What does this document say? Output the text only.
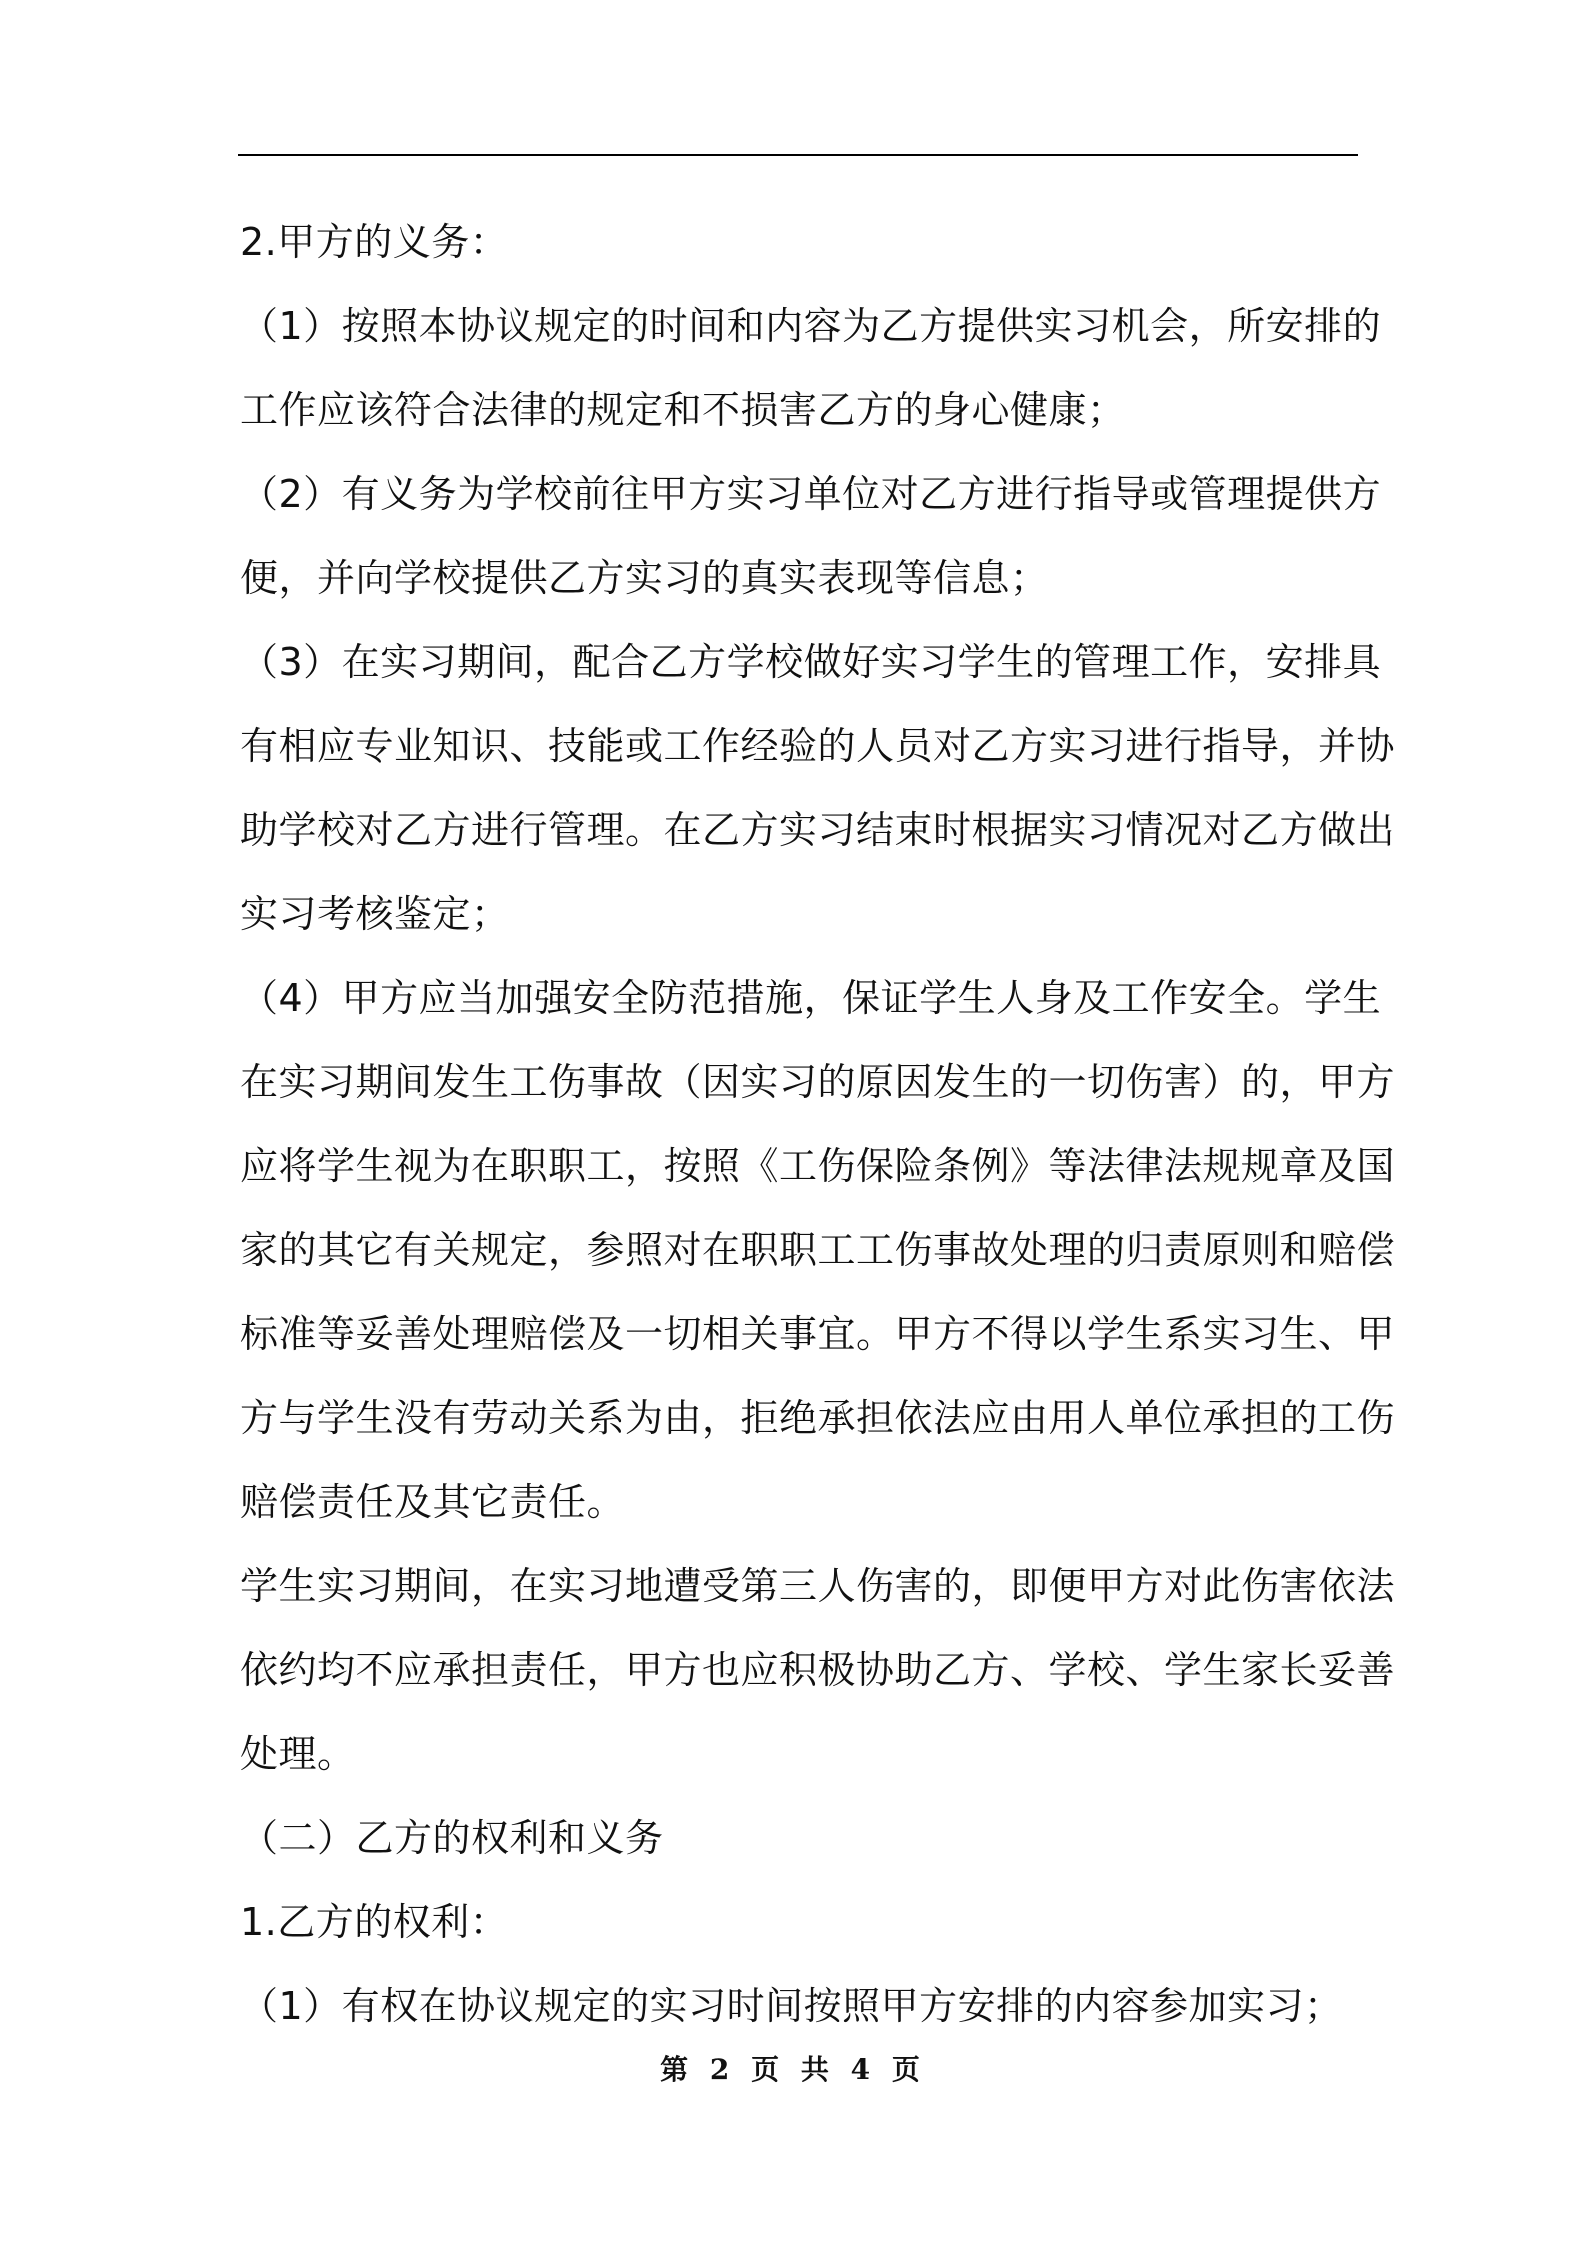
2.甲方的义务：
（1）按照本协议规定的时间和内容为乙方提供实习机会，所安排的
工作应该符合法律的规定和不损害乙方的身心健康；
（2）有义务为学校前往甲方实习单位对乙方进行指导或管理提供方
便，并向学校提供乙方实习的真实表现等信息；
（3）在实习期间，配合乙方学校做好实习学生的管理工作，安排具
有相应专业知识、技能或工作经验的人员对乙方实习进行指导，并协
助学校对乙方进行管理。在乙方实习结束时根据实习情况对乙方做出
实习考核鉴定；
（4）甲方应当加强安全防范措施，保证学生人身及工作安全。学生
在实习期间发生工伤事故（因实习的原因发生的一切伤害）的，甲方
应将学生视为在职职工，按照《工伤保险条例》等法律法规规章及国
家的其它有关规定，参照对在职职工工伤事故处理的归责原则和赔偿
标准等妥善处理赔偿及一切相关事宜。甲方不得以学生系实习生、甲
方与学生没有劳动关系为由，拒绝承担依法应由用人单位承担的工伤
赔偿责任及其它责任。
学生实习期间，在实习地遭受第三人伤害的，即便甲方对此伤害依法
依约均不应承担责任，甲方也应积极协助乙方、学校、学生家长妥善
处理。
（二）乙方的权利和义务
1.乙方的权利：
（1）有权在协议规定的实习时间按照甲方安排的内容参加实习；
第 2 页 共 4 页
